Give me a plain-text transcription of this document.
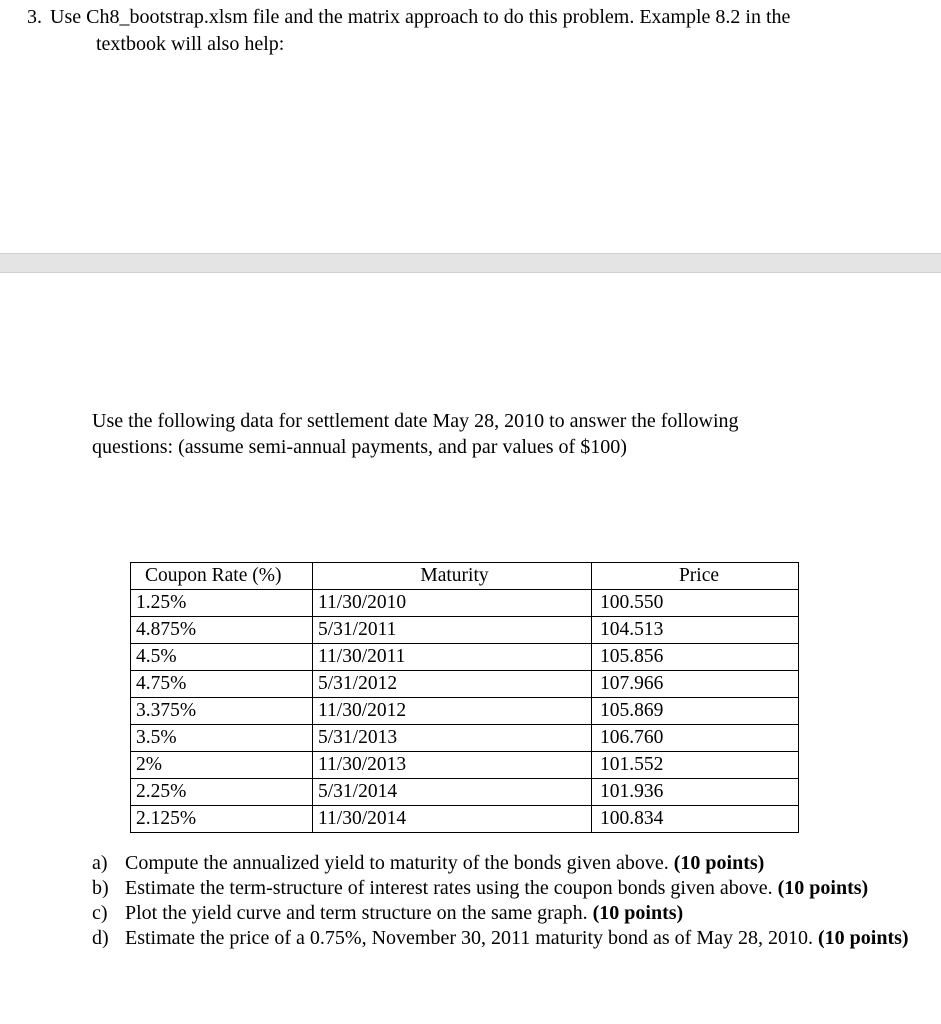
3. Use Ch8_bootstrap.xlsm file and the matrix approach to do this problem. Example 8.2 in the
textbook will also help:
Use the following data for settlement date May 28, 2010 to answer the following
questions: (assume semi-annual payments, and par values of $100)
Coupon Rate (%)	Maturity	Price
1.25%	11/30/2010	100.550
4.875%	5/31/2011	104.513
4.5%	11/30/2011	105.856
4.75%	5/31/2012	107.966
3.375%	11/30/2012	105.869
3.5%	5/31/2013	106.760
2%	11/30/2013	101.552
2.25%	5/31/2014	101.936
2.125%	11/30/2014	100.834
a) Compute the annualized yield to maturity of the bonds given above. (10 points)
b) Estimate the term-structure of interest rates using the coupon bonds given above. (10 points)
c) Plot the yield curve and term structure on the same graph. (10 points)
d) Estimate the price of a 0.75%, November 30, 2011 maturity bond as of May 28, 2010. (10 points)
